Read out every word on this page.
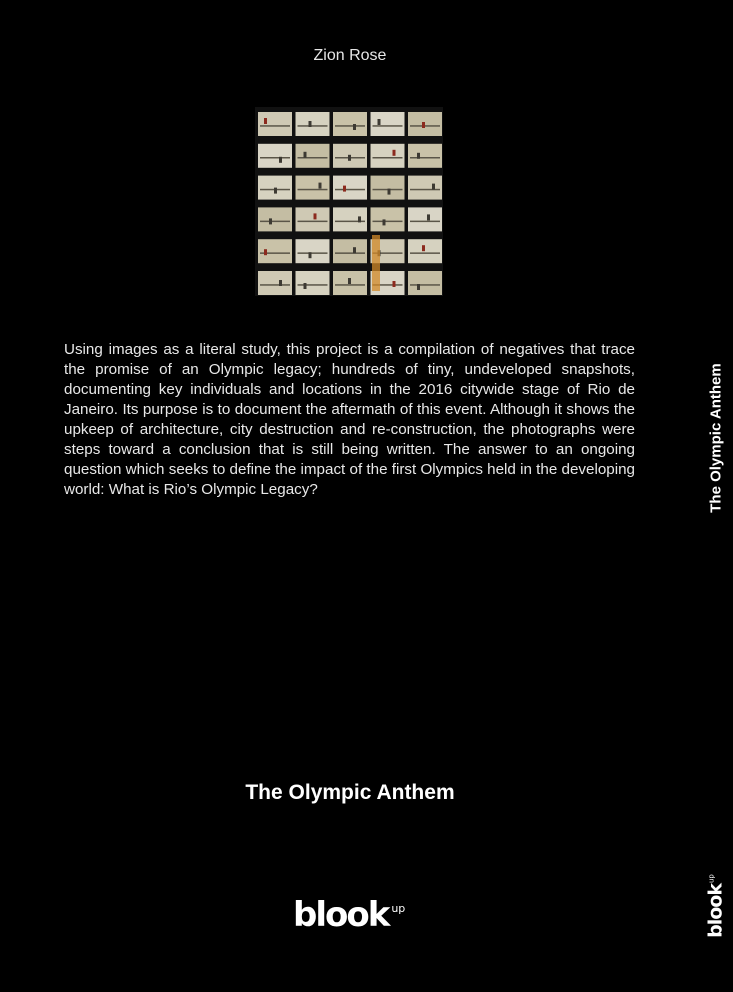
Zion Rose

Using images as a literal study, this project is a compilation of negatives that trace the promise of an Olympic legacy; hundreds of tiny, undeveloped snapshots, documenting key individuals and locations in the 2016 citywide stage of Rio de Janeiro. Its purpose is to document the aftermath of this event. Although it shows the upkeep of architecture, city destruction and re-construction, the photographs were steps toward a conclusion that is still being written. The answer to an ongoing question which seeks to define the impact of the first Olympics held in the developing world: What is Rio’s Olympic Legacy?

The Olympic Anthem
blook $^{up}$
The Olympic Anthem
blook$^{up}$
